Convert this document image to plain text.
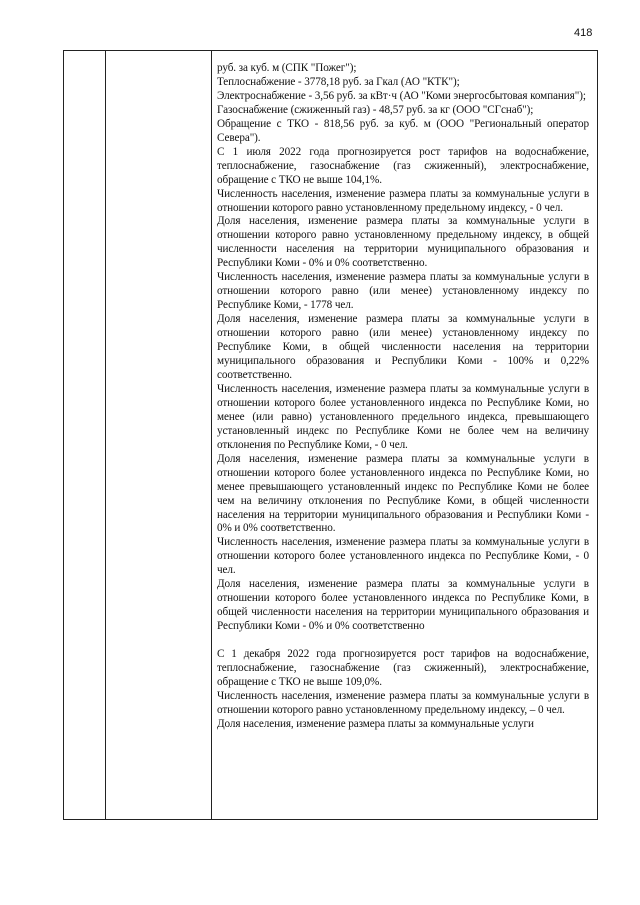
418

руб. за куб. м (СПК "Пожег");

Теплоснабжение - 3778,18 руб. за Гкал (АО "КТК");

Электроснабжение - 3,56 руб. за кВт·ч (АО "Коми энергосбытовая компания");

Газоснабжение (сжиженный газ) - 48,57 руб. за кг (ООО "СГснаб");

Обращение с ТКО - 818,56 руб. за куб. м (ООО "Региональный оператор Севера").

С 1 июля 2022 года прогнозируется рост тарифов на водоснабжение, теплоснабжение, газоснабжение (газ сжиженный), электроснабжение, обращение с ТКО не выше 104,1%.

Численность населения, изменение размера платы за коммунальные услуги в отношении которого равно установленному предельному индексу, - 0 чел.

Доля населения, изменение размера платы за коммунальные услуги в отношении которого равно установленному предельному индексу, в общей численности населения на территории муниципального образования и Республики Коми - 0% и 0% соответственно.

Численность населения, изменение размера платы за коммунальные услуги в отношении которого равно (или менее) установленному индексу по Республике Коми, - 1778 чел.

Доля населения, изменение размера платы за коммунальные услуги в отношении которого равно (или менее) установленному индексу по Республике Коми, в общей численности населения на территории муниципального образования и Республики Коми - 100% и 0,22% соответственно.

Численность населения, изменение размера платы за коммунальные услуги в отношении которого более установленного индекса по Республике Коми, но менее (или равно) установленного предельного индекса, превышающего установленный индекс по Республике Коми не более чем на величину отклонения по Республике Коми, - 0 чел.

Доля населения, изменение размера платы за коммунальные услуги в отношении которого более установленного индекса по Республике Коми, но менее превышающего установленный индекс по Республике Коми не более чем на величину отклонения по Республике Коми, в общей численности населения на территории муниципального образования и Республики Коми - 0% и 0% соответственно.

Численность населения, изменение размера платы за коммунальные услуги в отношении которого более установленного индекса по Республике Коми, - 0 чел.

Доля населения, изменение размера платы за коммунальные услуги в отношении которого более установленного индекса по Республике Коми, в общей численности населения на территории муниципального образования и Республики Коми - 0% и 0% соответственно

С 1 декабря 2022 года прогнозируется рост тарифов на водоснабжение, теплоснабжение, газоснабжение (газ сжиженный), электроснабжение, обращение с ТКО не выше 109,0%.

Численность населения, изменение размера платы за коммунальные услуги в отношении которого равно установленному предельному индексу, – 0 чел.

Доля населения, изменение размера платы за коммунальные услуги
